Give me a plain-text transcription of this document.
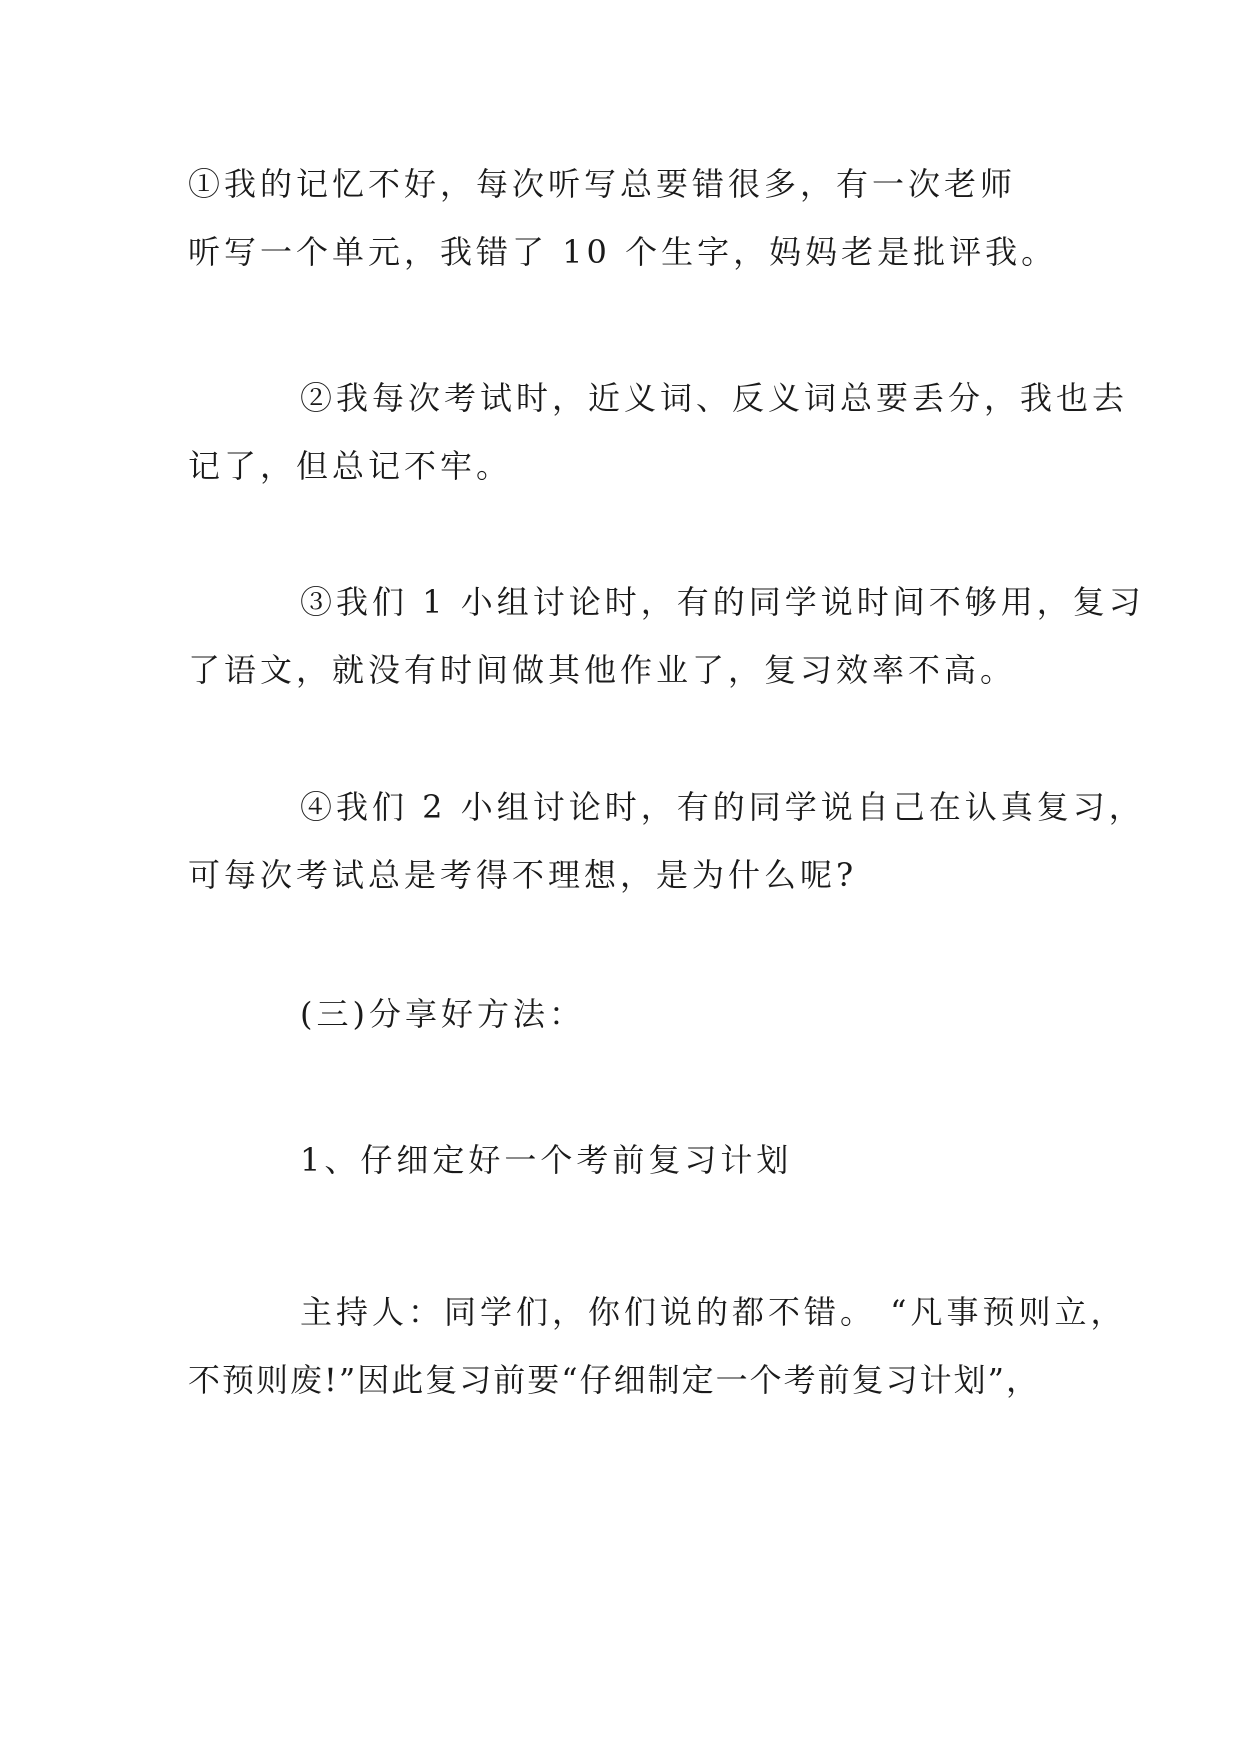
①我的记忆不好，每次听写总要错很多，有一次老师
听写一个单元，我错了 10 个生字，妈妈老是批评我。

②我每次考试时，近义词、反义词总要丢分，我也去
记了，但总记不牢。

③我们 1 小组讨论时，有的同学说时间不够用，复习
了语文，就没有时间做其他作业了，复习效率不高。

④我们 2 小组讨论时，有的同学说自己在认真复习，
可每次考试总是考得不理想，是为什么呢?

(三)分享好方法：

1、仔细定好一个考前复习计划

主持人：同学们，你们说的都不错。 “凡事预则立，
不预则废!”因此复习前要“仔细制定一个考前复习计划”，
